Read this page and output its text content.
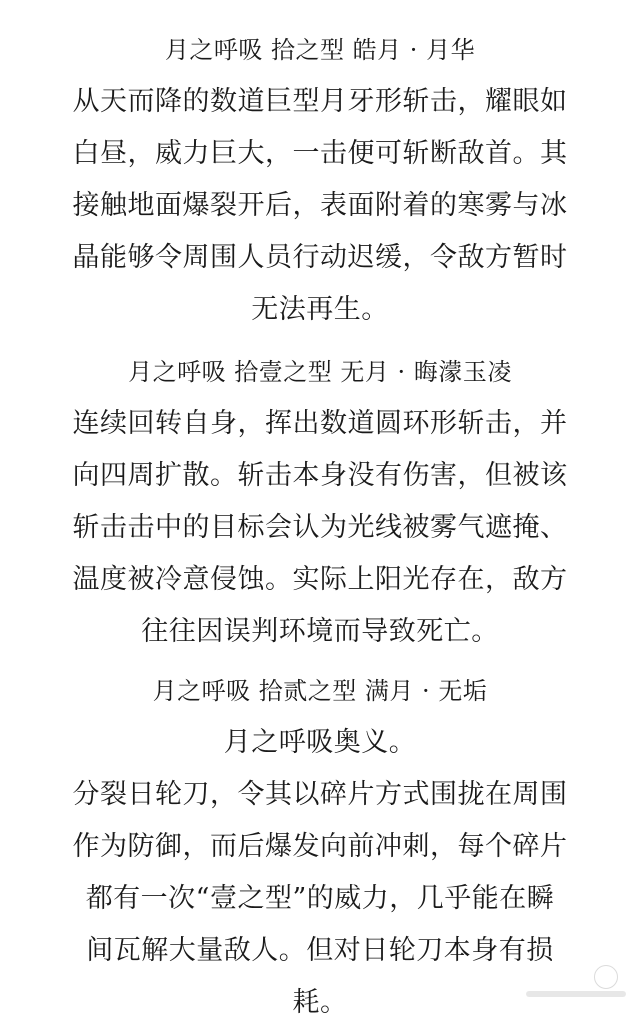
月之呼吸 拾之型 皓月 · 月华
从天而降的数道巨型月牙形斩击，耀眼如
白昼，威力巨大，一击便可斩断敌首。其
接触地面爆裂开后，表面附着的寒雾与冰
晶能够令周围人员行动迟缓，令敌方暂时
无法再生。
月之呼吸 拾壹之型 无月 · 晦濛玉凌
连续回转自身，挥出数道圆环形斩击，并
向四周扩散。斩击本身没有伤害，但被该
斩击击中的目标会认为光线被雾气遮掩、
温度被冷意侵蚀。实际上阳光存在，敌方
往往因误判环境而导致死亡。
月之呼吸 拾贰之型 满月 · 无垢
月之呼吸奥义。
分裂日轮刀，令其以碎片方式围拢在周围
作为防御，而后爆发向前冲刺，每个碎片
都有一次“壹之型”的威力，几乎能在瞬
间瓦解大量敌人。但对日轮刀本身有损
耗。
